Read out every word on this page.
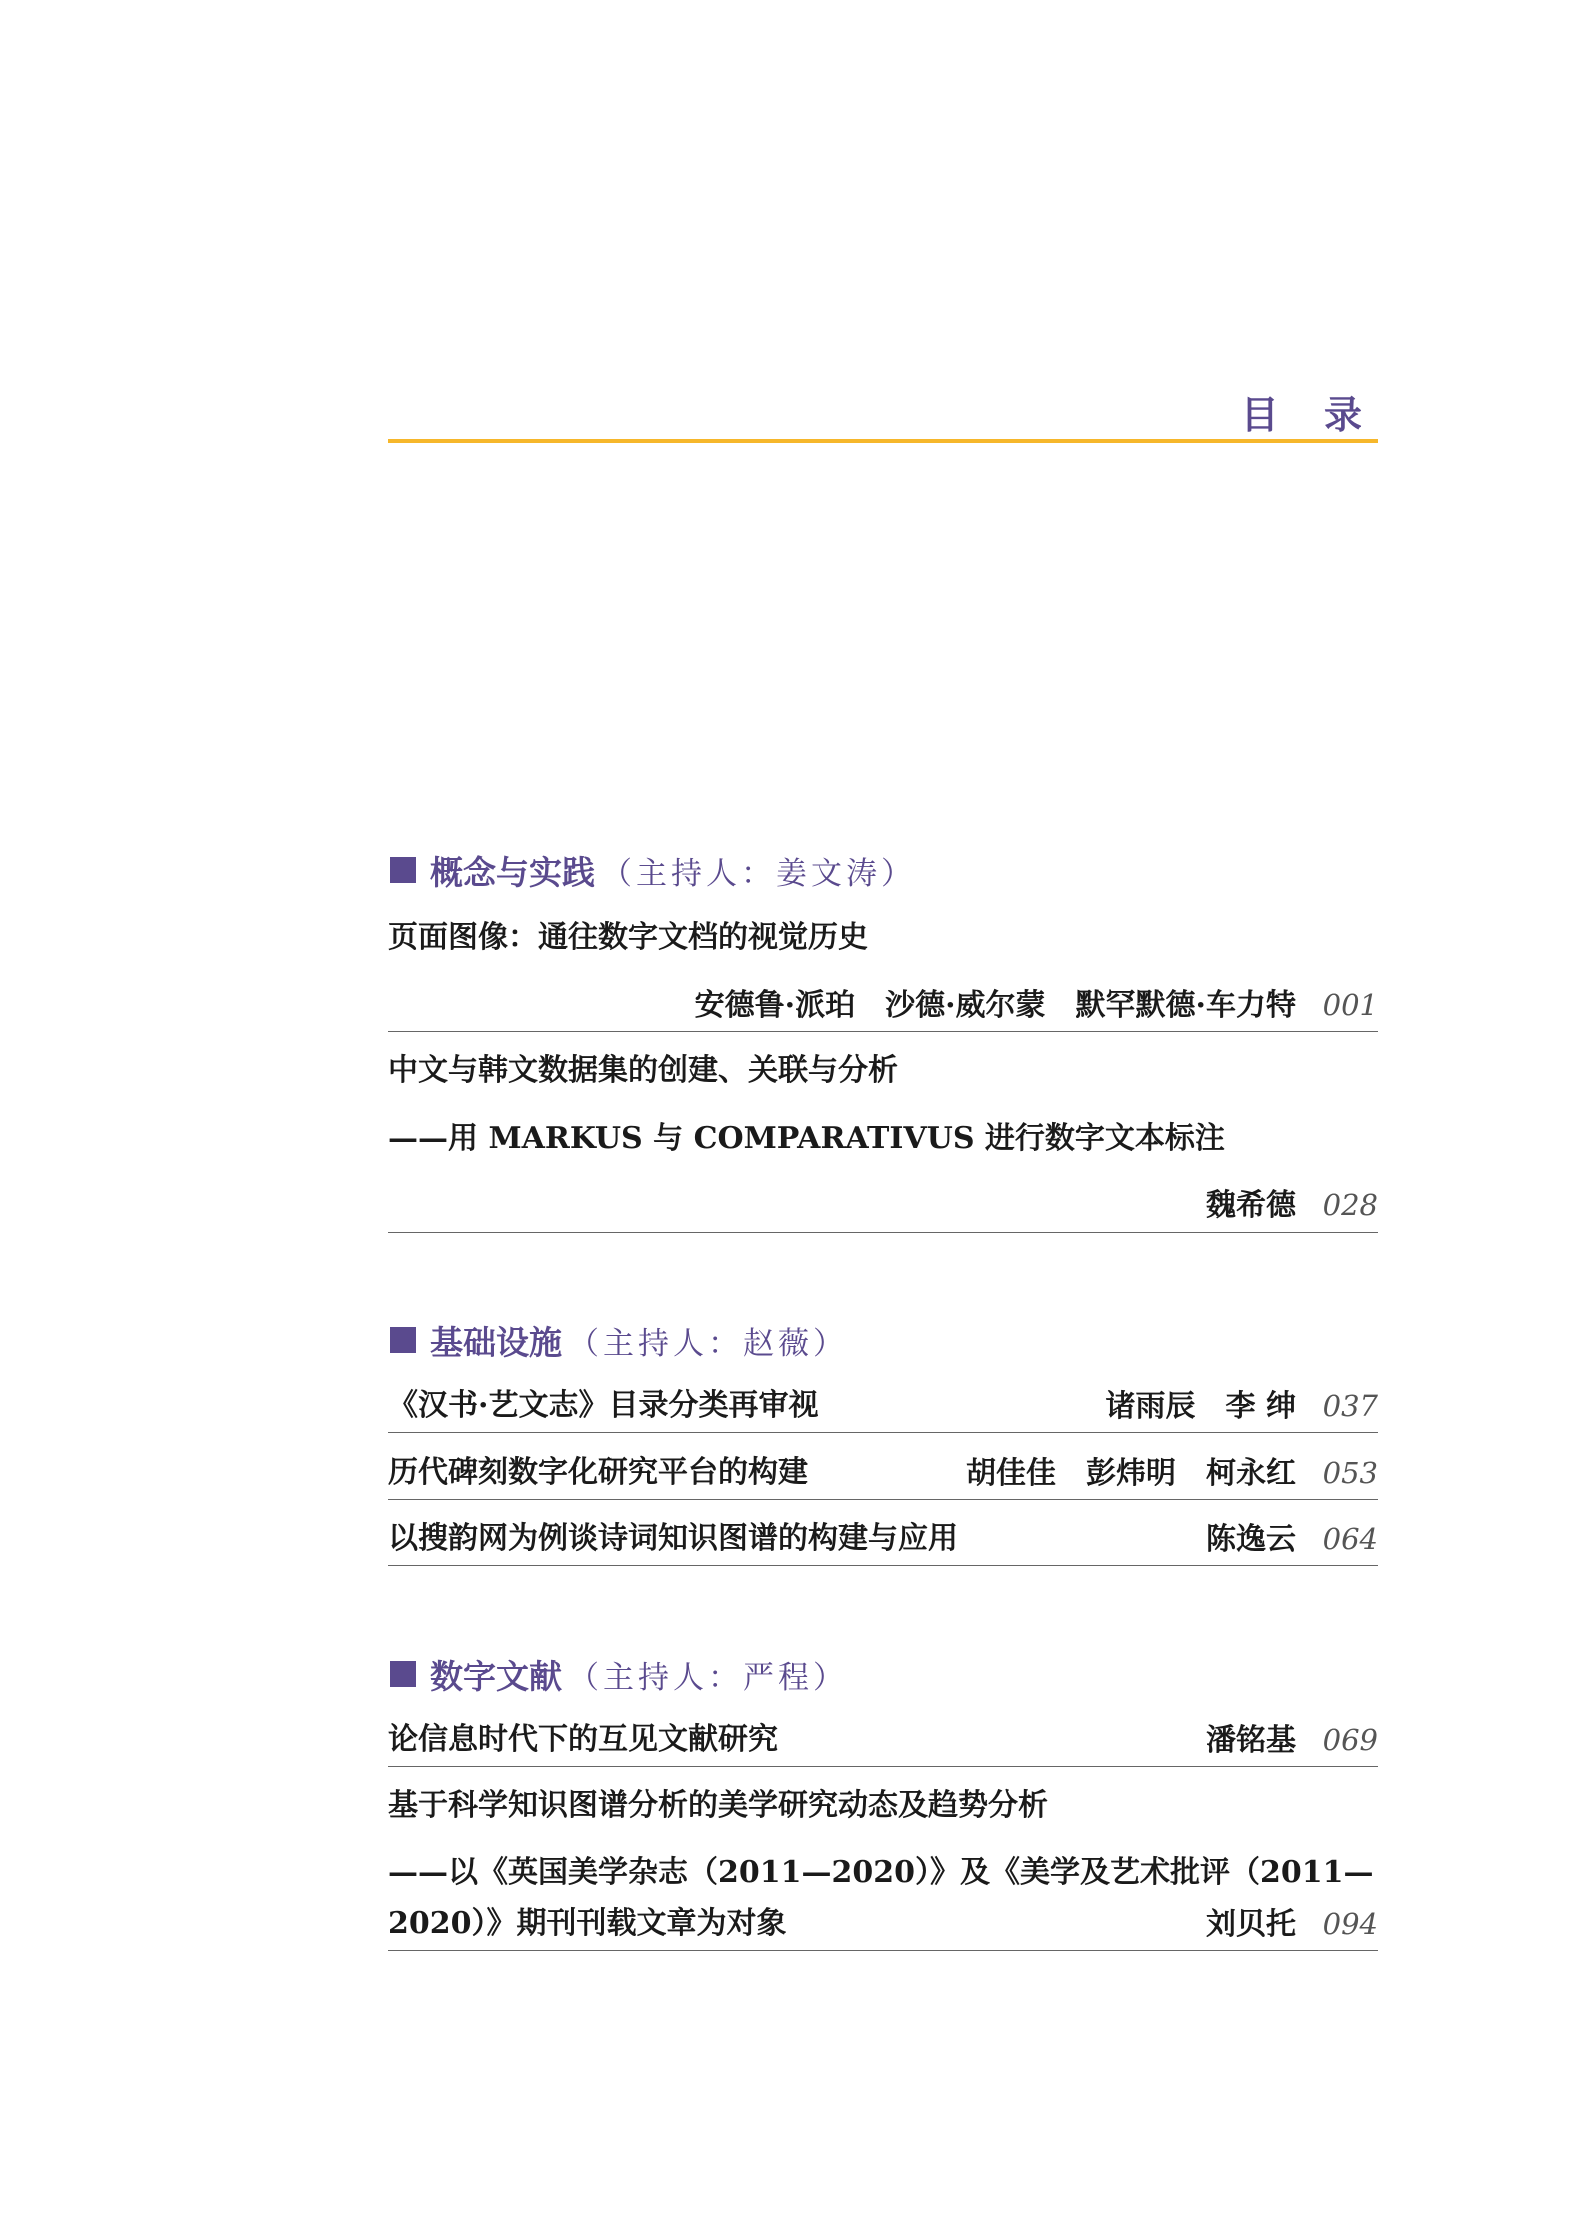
目 录
概念与实践 （主持人：姜文涛）
页面图像：通往数字文档的视觉历史
安德鲁·派珀 沙德·威尔蒙 默罕默德·车力特 001
中文与韩文数据集的创建、关联与分析
——用 MARKUS 与 COMPARATIVUS 进行数字文本标注
魏希德 028
基础设施 （主持人：赵薇）
《汉书·艺文志》目录分类再审视	诸雨辰 李 绅 037
历代碑刻数字化研究平台的构建	胡佳佳 彭炜明 柯永红 053
以搜韵网为例谈诗词知识图谱的构建与应用	陈逸云 064
数字文献 （主持人：严程）
论信息时代下的互见文献研究	潘铭基 069
基于科学知识图谱分析的美学研究动态及趋势分析
——以《英国美学杂志（2011—2020）》及《美学及艺术批评（2011—
2020）》期刊刊载文章为对象	刘贝托 094
